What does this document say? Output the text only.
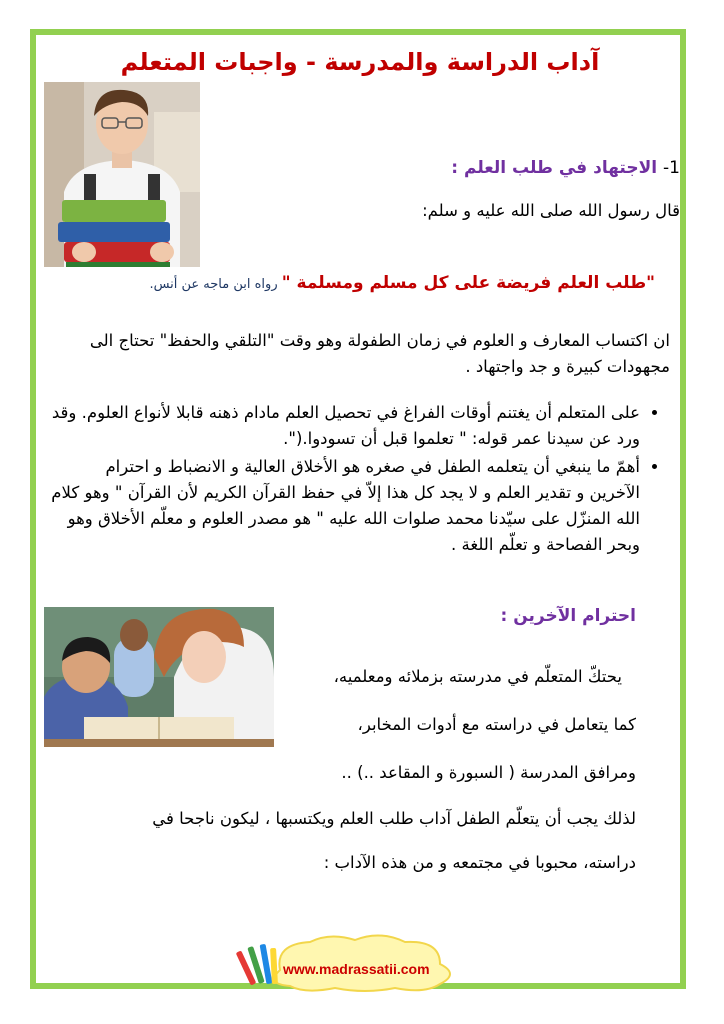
آداب الدراسة والمدرسة - واجبات المتعلم

1- الاجتهاد في طلب العلم :

قال رسول الله صلى الله عليه و سلم:

"طلب العلم فريضة على كل مسلم ومسلمة " رواه ابن ماجه عن أنس.

ان اكتساب المعارف و العلوم في زمان الطفولة وهو وقت "التلقي والحفظ" تحتاج الى مجهودات كبيرة و جد واجتهاد .

• على المتعلم أن يغتنم أوقات الفراغ في تحصيل العلم مادام ذهنه قابلا لأنواع العلوم. وقد ورد عن سيدنا عمر قوله: " تعلموا قبل أن تسودوا.(".
• أهمّ ما ينبغي أن يتعلمه الطفل في صغره هو الأخلاق العالية و الانضباط و احترام الآخرين و تقدير العلم و لا يجد كل هذا إلاّ في حفظ القرآن الكريم لأن القرآن " وهو كلام الله المنزّل على سيّدنا محمد صلوات الله عليه " هو مصدر العلوم و معلّم الأخلاق وهو وبحر الفصاحة و تعلّم اللغة .

احترام الآخرين :

يحتكّ المتعلّم في مدرسته بزملائه ومعلميه،

كما يتعامل في دراسته مع أدوات المخابر،

ومرافق المدرسة ( السبورة و المقاعد ..) ..

لذلك يجب أن يتعلّم الطفل آداب طلب العلم ويكتسبها ، ليكون ناجحا في

دراسته، محبوبا في مجتمعه و من هذه الآداب :

www.madrassatii.com
